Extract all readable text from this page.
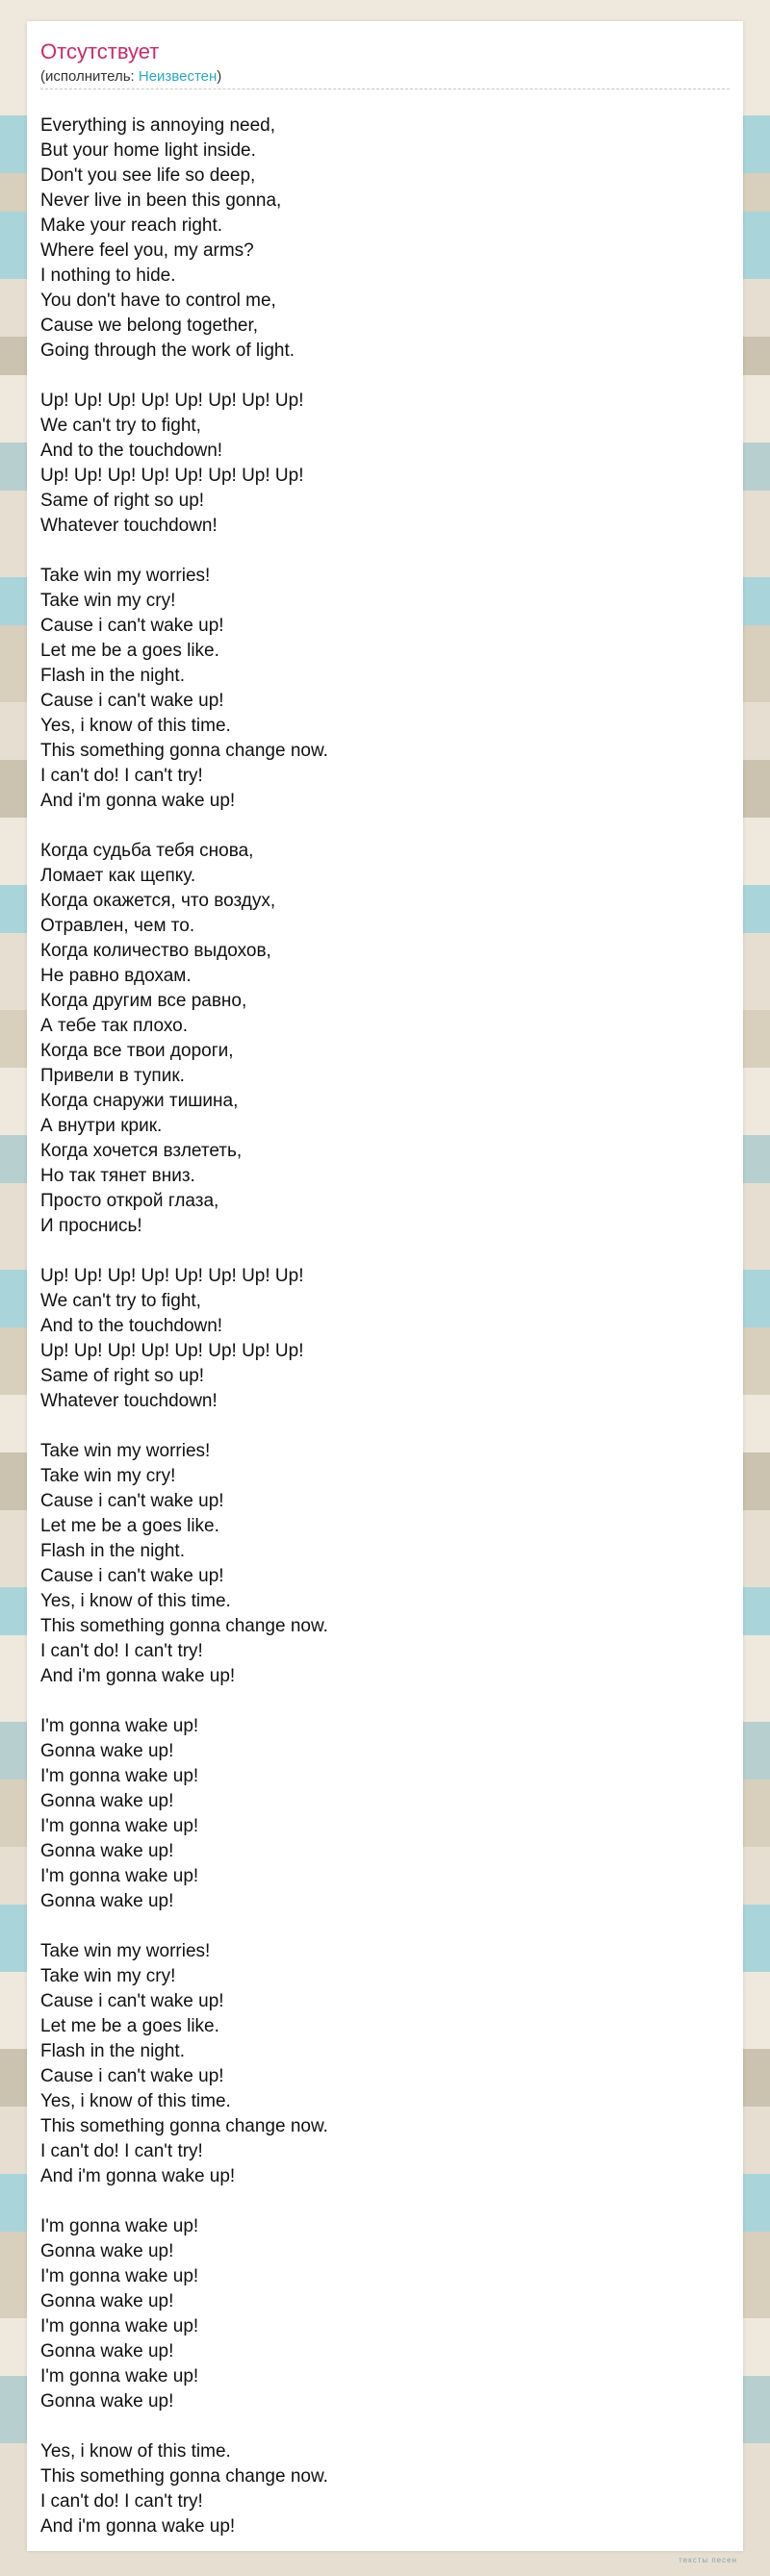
Отсутствует
(исполнитель: Неизвестен)
Everything is annoying need,
But your home light inside.
Don't you see life so deep,
Never live in been this gonna,
Make your reach right.
Where feel you, my arms?
I nothing to hide.
You don't have to control me,
Cause we belong together,
Going through the work of light.

Up! Up! Up! Up! Up! Up! Up! Up!
We can't try to fight,
And to the touchdown!
Up! Up! Up! Up! Up! Up! Up! Up!
Same of right so up!
Whatever touchdown!

Take win my worries!
Take win my cry!
Cause i can't wake up!
Let me be a goes like.
Flash in the night.
Cause i can't wake up!
Yes, i know of this time.
This something gonna change now.
I can't do! I can't try!
And i'm gonna wake up!

Когда судьба тебя снова,
Ломает как щепку.
Когда окажется, что воздух,
Отравлен, чем то.
Когда количество выдохов,
Не равно вдохам.
Когда другим все равно,
А тебе так плохо.
Когда все твои дороги,
Привели в тупик.
Когда снаружи тишина,
А внутри крик.
Когда хочется взлететь,
Но так тянет вниз.
Просто открой глаза,
И проснись!

Up! Up! Up! Up! Up! Up! Up! Up!
We can't try to fight,
And to the touchdown!
Up! Up! Up! Up! Up! Up! Up! Up!
Same of right so up!
Whatever touchdown!

Take win my worries!
Take win my cry!
Cause i can't wake up!
Let me be a goes like.
Flash in the night.
Cause i can't wake up!
Yes, i know of this time.
This something gonna change now.
I can't do! I can't try!
And i'm gonna wake up!

I'm gonna wake up!
Gonna wake up!
I'm gonna wake up!
Gonna wake up!
I'm gonna wake up!
Gonna wake up!
I'm gonna wake up!
Gonna wake up!

Take win my worries!
Take win my cry!
Cause i can't wake up!
Let me be a goes like.
Flash in the night.
Cause i can't wake up!
Yes, i know of this time.
This something gonna change now.
I can't do! I can't try!
And i'm gonna wake up!

I'm gonna wake up!
Gonna wake up!
I'm gonna wake up!
Gonna wake up!
I'm gonna wake up!
Gonna wake up!
I'm gonna wake up!
Gonna wake up!

Yes, i know of this time.
This something gonna change now.
I can't do! I can't try!
And i'm gonna wake up!
тексты песен
